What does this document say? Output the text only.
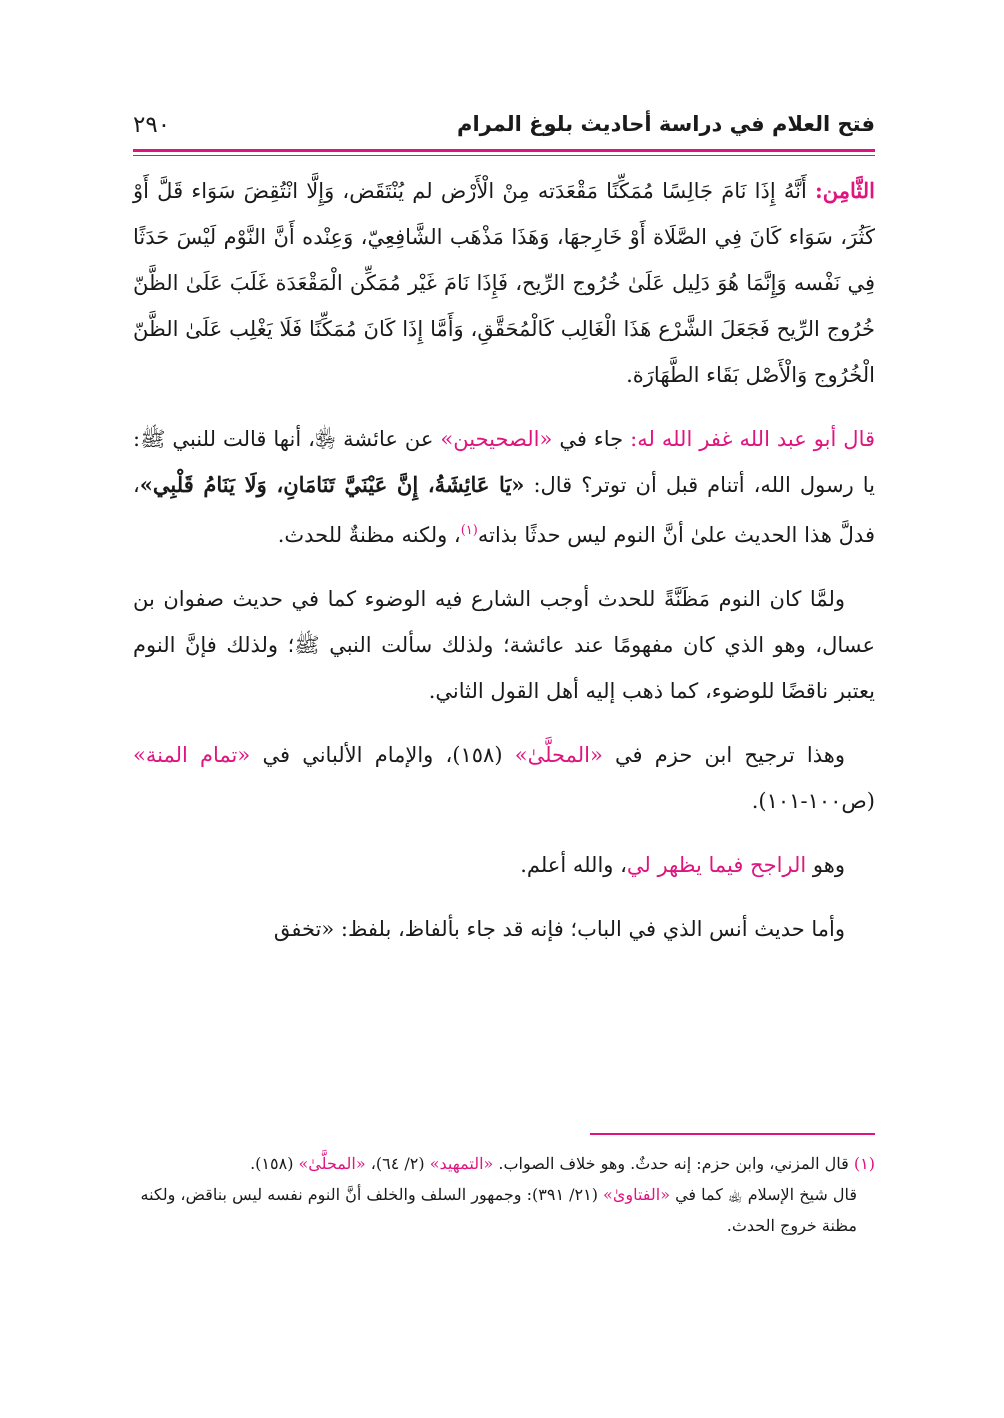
٢٩٠	فتح العلام في دراسة أحاديث بلوغ المرام

الثَّامِن: أَنَّهُ إِذَا نَامَ جَالِسًا مُمَكِّنًا مَقْعَدَته مِنْ الْأَرْض لم يُنْتَقَض، وَإِلَّا انْتُقِضَ سَوَاء قَلَّ أَوْ كَثُرَ، سَوَاء كَانَ فِي الصَّلَاة أَوْ خَارِجهَا، وَهَذَا مَذْهَب الشَّافِعِيّ، وَعِنْده أَنَّ النَّوْم لَيْسَ حَدَثًا فِي نَفْسه وَإِنَّمَا هُوَ دَلِيل عَلَىٰ خُرُوج الرِّيح، فَإِذَا نَامَ غَيْر مُمَكِّن الْمَقْعَدَة غَلَبَ عَلَىٰ الظَّنّ خُرُوج الرِّيح فَجَعَلَ الشَّرْع هَذَا الْغَالِب كَالْمُحَقَّقِ، وَأَمَّا إِذَا كَانَ مُمَكِّنًا فَلَا يَغْلِب عَلَىٰ الظَّنّ الْخُرُوج وَالْأَصْل بَقَاء الطَّهَارَة.

قال أبو عبد الله غفر الله له: جاء في «الصحيحين» عن عائشة ﵂، أنها قالت للنبي ﷺ: يا رسول الله، أتنام قبل أن توتر؟ قال: «يَا عَائِشَةُ، إِنَّ عَيْنَيَّ تَنَامَانِ، وَلَا يَنَامُ قَلْبِي»، فدلَّ هذا الحديث علىٰ أنَّ النوم ليس حدثًا بذاته$^{(١)}$، ولكنه مظنةٌ للحدث.

ولمَّا كان النوم مَظَنَّةً للحدث أوجب الشارع فيه الوضوء كما في حديث صفوان بن عسال، وهو الذي كان مفهومًا عند عائشة؛ ولذلك سألت النبي ﷺ؛ ولذلك فإنَّ النوم يعتبر ناقضًا للوضوء، كما ذهب إليه أهل القول الثاني.

وهذا ترجيح ابن حزم في «المحلَّىٰ» (١٥٨)، والإمام الألباني في «تمام المنة» (ص١٠٠-١٠١).

وهو الراجح فيما يظهر لي، والله أعلم.

وأما حديث أنس الذي في الباب؛ فإنه قد جاء بألفاظ، بلفظ: «تخفق

(١) قال المزني، وابن حزم: إنه حدثٌ. وهو خلاف الصواب. «التمهيد» (٢/ ٦٤)، «المحلَّىٰ» (١٥٨).

قال شيخ الإسلام ﵀ كما في «الفتاوىٰ» (٢١/ ٣٩١): وجمهور السلف والخلف أنَّ النوم نفسه ليس بناقض، ولكنه مظنة خروج الحدث.
